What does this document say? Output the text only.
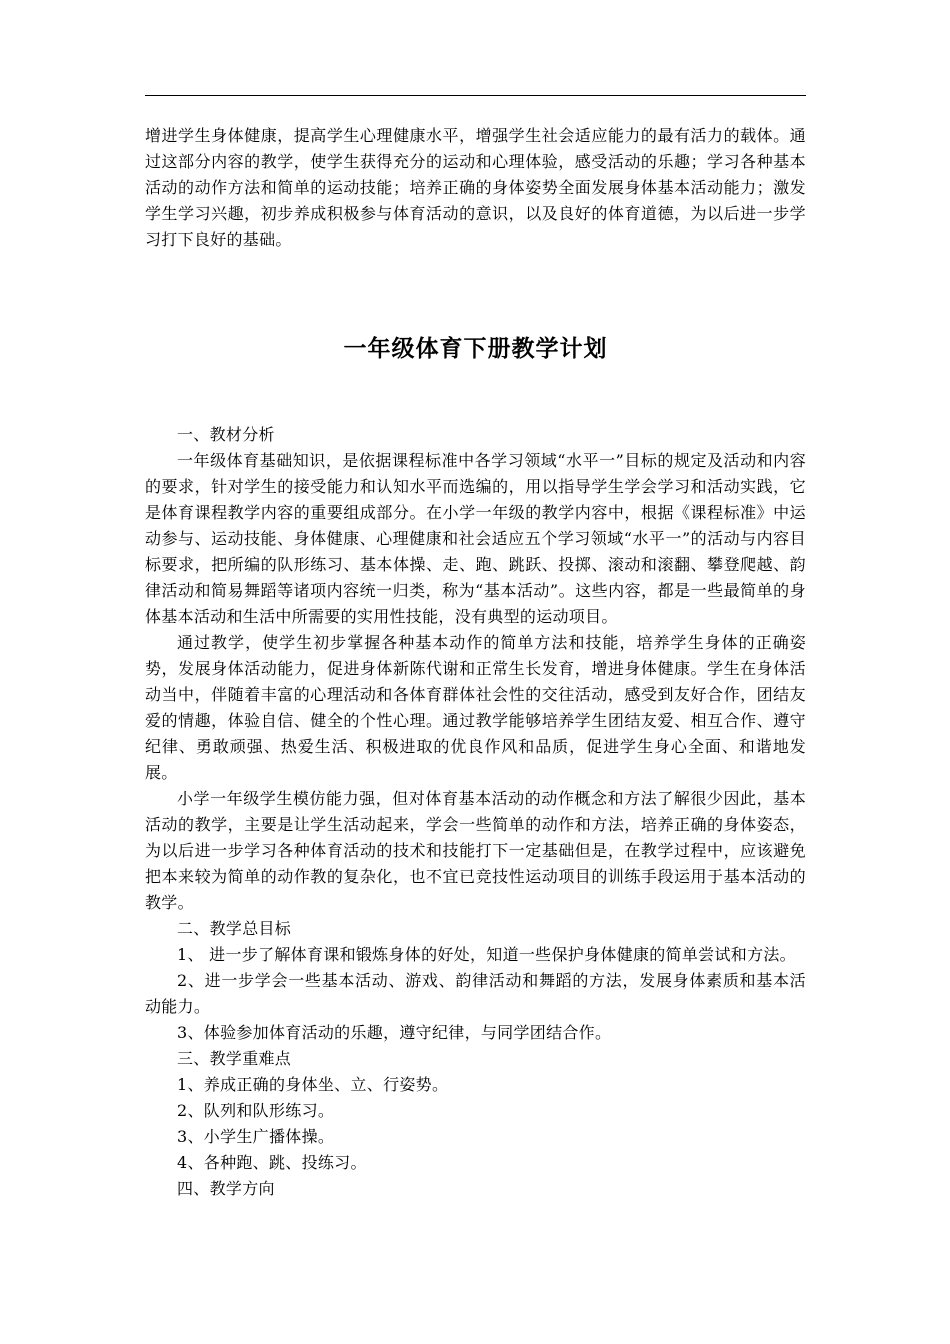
增进学生身体健康，提高学生心理健康水平，增强学生社会适应能力的最有活力的载体。通过这部分内容的教学，使学生获得充分的运动和心理体验，感受活动的乐趣；学习各种基本活动的动作方法和简单的运动技能；培养正确的身体姿势全面发展身体基本活动能力；激发学生学习兴趣，初步养成积极参与体育活动的意识，以及良好的体育道德，为以后进一步学习打下良好的基础。
一年级体育下册教学计划

一、教材分析

一年级体育基础知识，是依据课程标准中各学习领域“水平一”目标的规定及活动和内容的要求，针对学生的接受能力和认知水平而选编的，用以指导学生学会学习和活动实践，它是体育课程教学内容的重要组成部分。在小学一年级的教学内容中，根据《课程标准》中运动参与、运动技能、身体健康、心理健康和社会适应五个学习领域“水平一”的活动与内容目标要求，把所编的队形练习、基本体操、走、跑、跳跃、投掷、滚动和滚翻、攀登爬越、韵律活动和简易舞蹈等诸项内容统一归类，称为“基本活动”。这些内容，都是一些最简单的身体基本活动和生活中所需要的实用性技能，没有典型的运动项目。

通过教学，使学生初步掌握各种基本动作的简单方法和技能，培养学生身体的正确姿势，发展身体活动能力，促进身体新陈代谢和正常生长发育，增进身体健康。学生在身体活动当中，伴随着丰富的心理活动和各体育群体社会性的交往活动，感受到友好合作，团结友爱的情趣，体验自信、健全的个性心理。通过教学能够培养学生团结友爱、相互合作、遵守纪律、勇敢顽强、热爱生活、积极进取的优良作风和品质，促进学生身心全面、和谐地发展。

小学一年级学生模仿能力强，但对体育基本活动的动作概念和方法了解很少因此，基本活动的教学，主要是让学生活动起来，学会一些简单的动作和方法，培养正确的身体姿态，为以后进一步学习各种体育活动的技术和技能打下一定基础但是，在教学过程中，应该避免把本来较为简单的动作教的复杂化，也不宜已竞技性运动项目的训练手段运用于基本活动的教学。

二、教学总目标

1、 进一步了解体育课和锻炼身体的好处，知道一些保护身体健康的简单尝试和方法。

2、进一步学会一些基本活动、游戏、韵律活动和舞蹈的方法，发展身体素质和基本活动能力。

3、体验参加体育活动的乐趣，遵守纪律，与同学团结合作。

三、教学重难点

1、养成正确的身体坐、立、行姿势。

2、队列和队形练习。

3、小学生广播体操。

4、各种跑、跳、投练习。

四、教学方向
